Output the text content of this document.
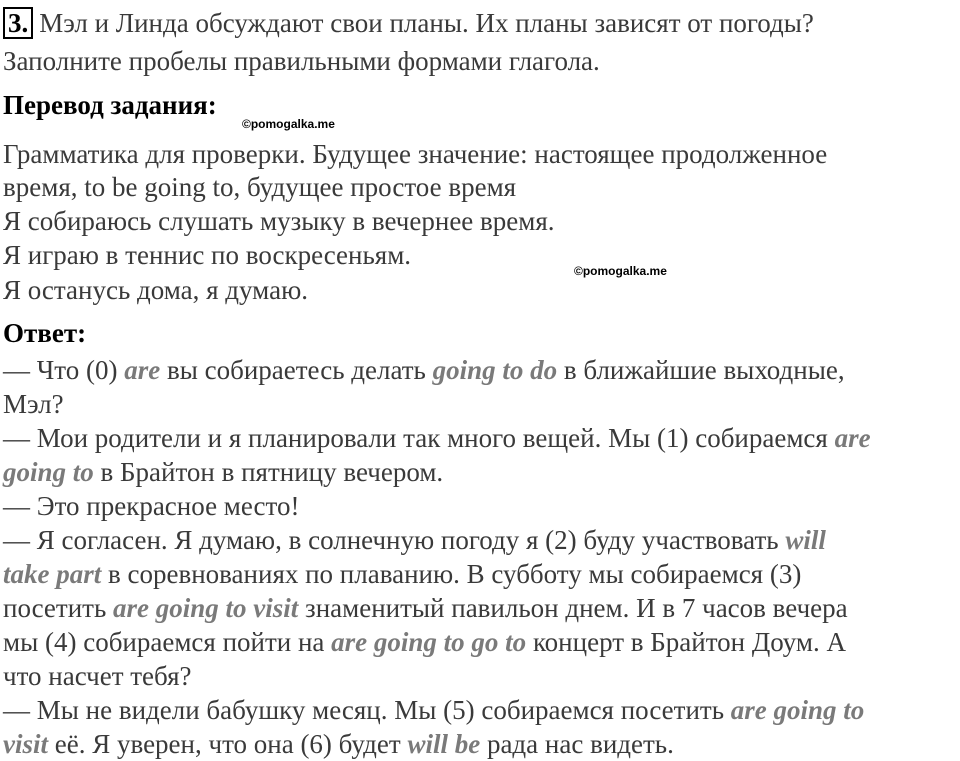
3. Мэл и Линда обсуждают свои планы. Их планы зависят от погоды?
Заполните пробелы правильными формами глагола.
Перевод задания:
©pomogalka.me
Грамматика для проверки. Будущее значение: настоящее продолженное
время, to be going to, будущее простое время
Я собираюсь слушать музыку в вечернее время.
Я играю в теннис по воскресеньям.
©pomogalka.me
Я останусь дома, я думаю.
Ответ:
— Что (0) are вы собираетесь делать going to do в ближайшие выходные,
Мэл?
— Мои родители и я планировали так много вещей. Мы (1) собираемся are
going to в Брайтон в пятницу вечером.
— Это прекрасное место!
— Я согласен. Я думаю, в солнечную погоду я (2) буду участвовать will
take part в соревнованиях по плаванию. В субботу мы собираемся (3)
посетить are going to visit знаменитый павильон днем. И в 7 часов вечера
мы (4) собираемся пойти на are going to go to концерт в Брайтон Доум. А
что насчет тебя?
— Мы не видели бабушку месяц. Мы (5) собираемся посетить are going to
visit её. Я уверен, что она (6) будет will be рада нас видеть.
